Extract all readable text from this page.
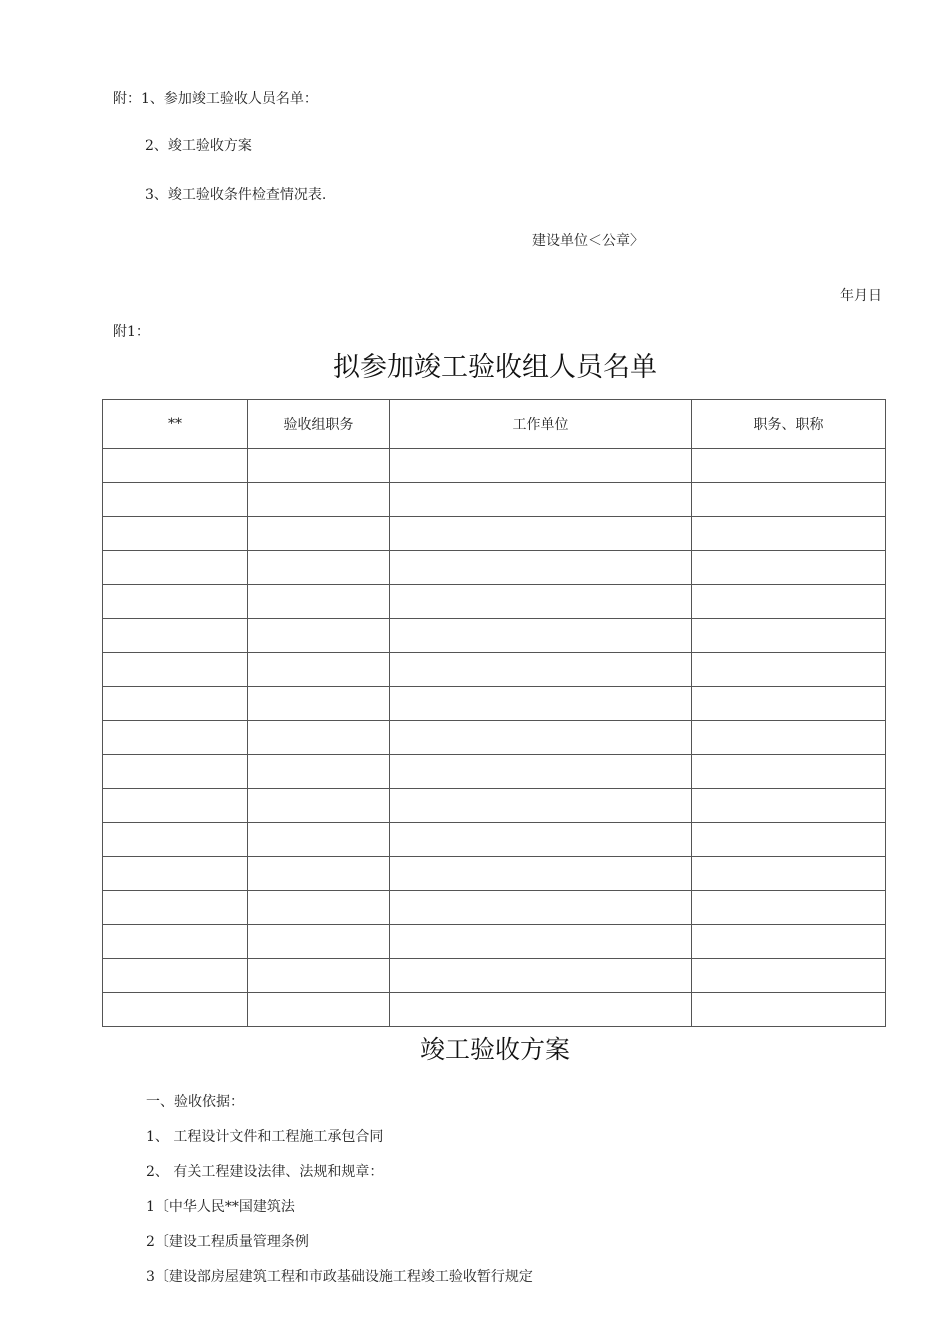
附：1、参加竣工验收人员名单：
2、竣工验收方案
3、竣工验收条件检查情况表.
建设单位＜公章〉
年月日
附1：
拟参加竣工验收组人员名单
**	验收组职务	工作单位	职务、职称

竣工验收方案
一、验收依据：
1、 工程设计文件和工程施工承包合同
2、 有关工程建设法律、法规和规章：
1〔中华人民**国建筑法
2〔建设工程质量管理条例
3〔建设部房屋建筑工程和市政基础设施工程竣工验收暂行规定
